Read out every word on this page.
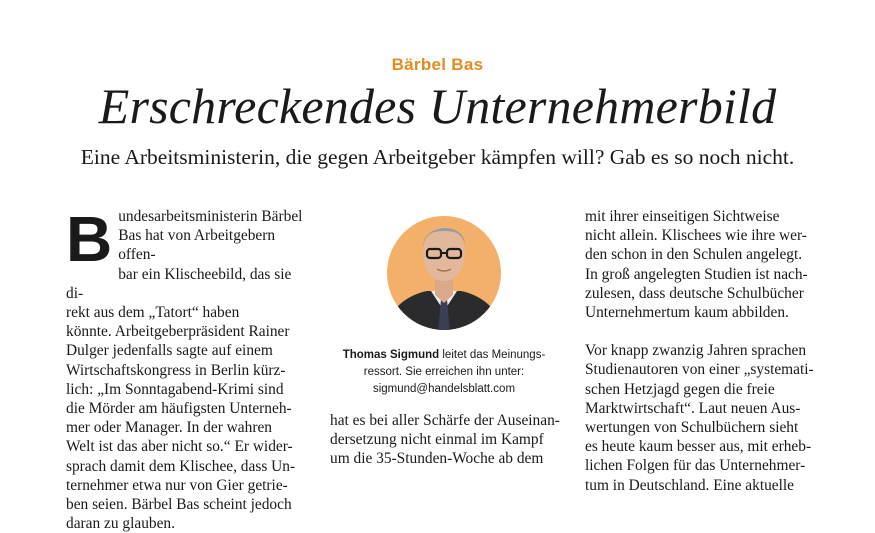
Bärbel Bas
Erschreckendes Unternehmerbild
Eine Arbeitsministerin, die gegen Arbeitgeber kämpfen will? Gab es so noch nicht.

B undesarbeitsministerin Bärbel
Bas hat von Arbeitgebern offen-
bar ein Klischeebild, das sie di-
rekt aus dem „Tatort“ haben
könnte. Arbeitgeberpräsident Rainer
Dulger jedenfalls sagte auf einem
Wirtschaftskongress in Berlin kürz-
lich: „Im Sonntagabend-Krimi sind
die Mörder am häufigsten Unterneh-
mer oder Manager. In der wahren
Welt ist das aber nicht so.“ Er wider-
sprach damit dem Klischee, dass Un-
ternehmer etwa nur von Gier getrie-
ben seien. Bärbel Bas scheint jedoch
daran zu glauben.

Thomas Sigmund leitet das Meinungs-
ressort. Sie erreichen ihn unter:
sigmund@handelsblatt.com

hat es bei aller Schärfe der Auseinan-
dersetzung nicht einmal im Kampf
um die 35-Stunden-Woche ab dem

mit ihrer einseitigen Sichtweise
nicht allein. Klischees wie ihre wer-
den schon in den Schulen angelegt.
In groß angelegten Studien ist nach-
zulesen, dass deutsche Schulbücher
Unternehmertum kaum abbilden.

Vor knapp zwanzig Jahren sprachen
Studienautoren von einer „systemati-
schen Hetzjagd gegen die freie
Marktwirtschaft“. Laut neuen Aus-
wertungen von Schulbüchern sieht
es heute kaum besser aus, mit erheb-
lichen Folgen für das Unternehmer-
tum in Deutschland. Eine aktuelle
